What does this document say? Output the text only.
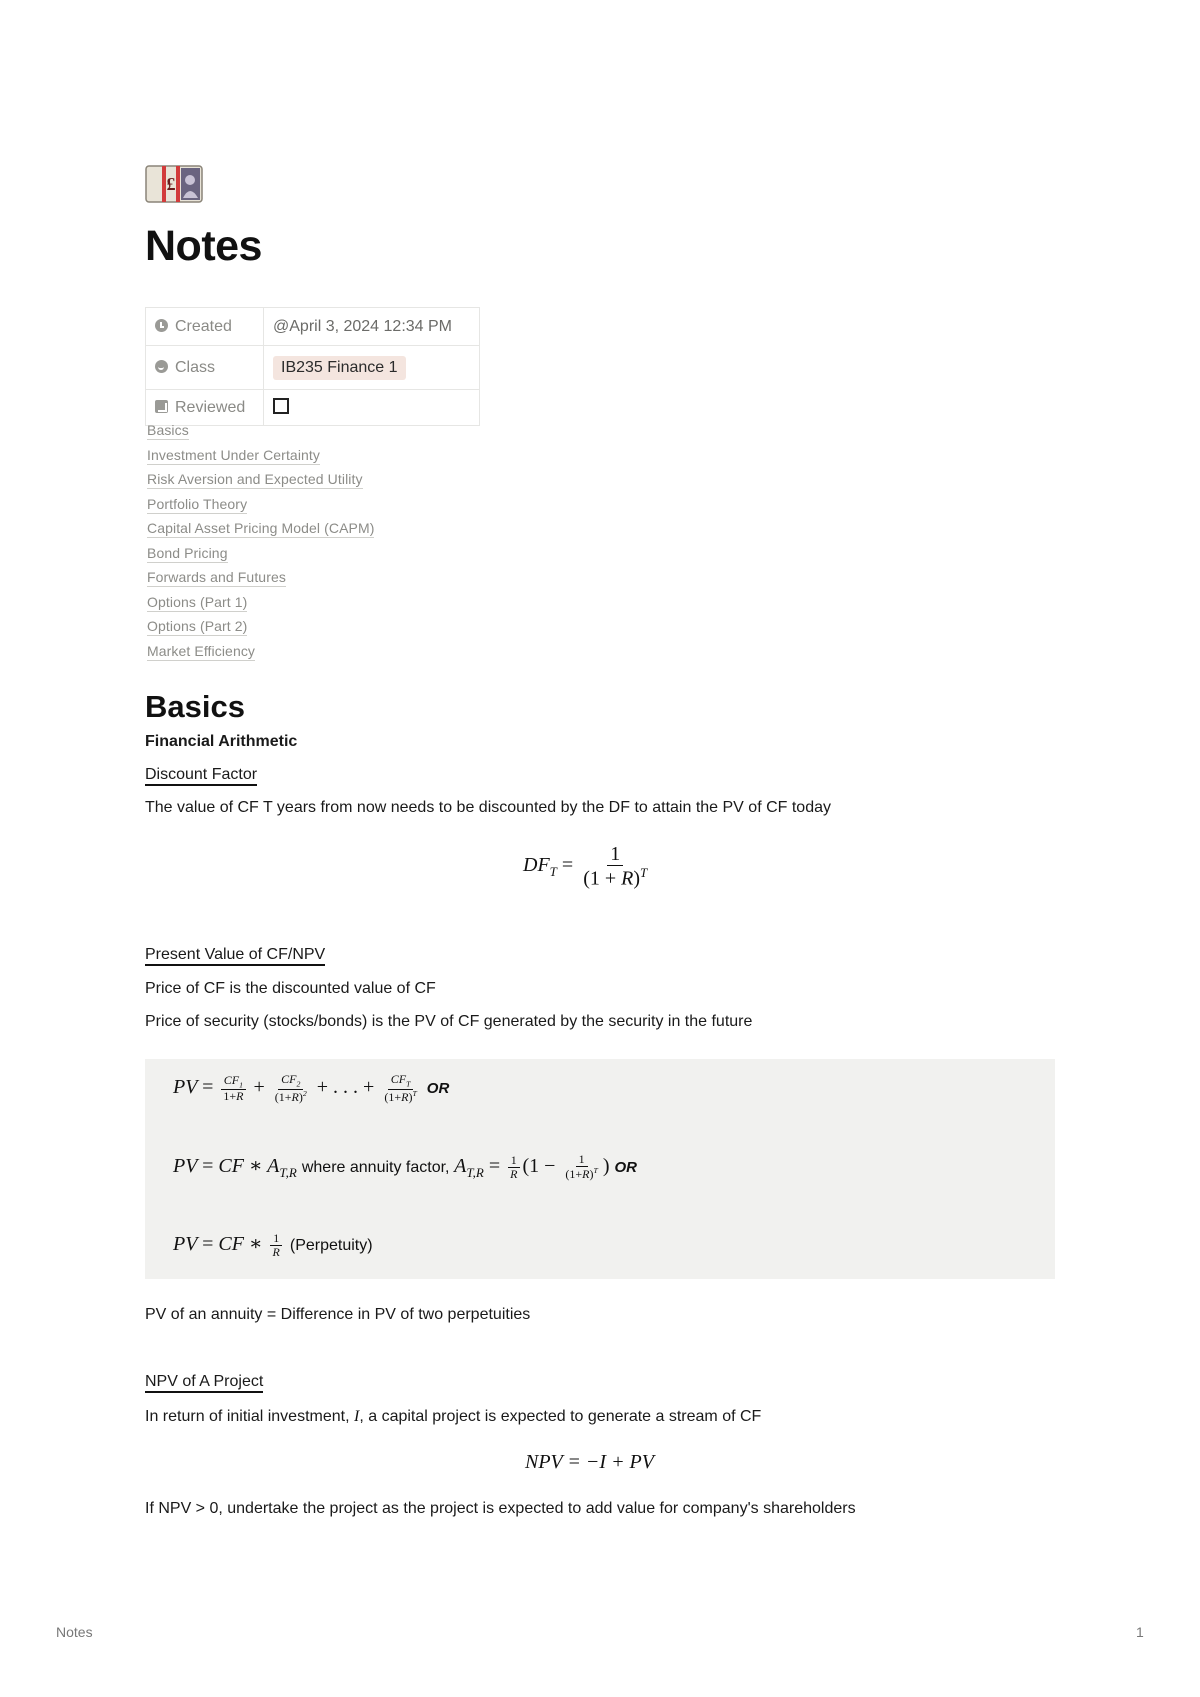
£
Notes
Created	@April 3, 2024 12:34 PM
Class	IB235 Finance 1
Reviewed	
Basics
Investment Under Certainty
Risk Aversion and Expected Utility
Portfolio Theory
Capital Asset Pricing Model (CAPM)
Bond Pricing
Forwards and Futures
Options (Part 1)
Options (Part 2)
Market Efficiency
Basics
Financial Arithmetic
Discount Factor
The value of CF T years from now needs to be discounted by the DF to attain the PV of CF today
$DF_T = \frac{1}{(1 + R)^T}$
Present Value of CF/NPV
Price of CF is the discounted value of CF
Price of security (stocks/bonds) is the PV of CF generated by the security in the future
PV = $\frac{CF_1}{1+R} + \frac{CF_2}{(1+R)^2}$ + . . . + $\frac{CF_T}{(1+R)^T}$ OR
PV = CF ∗ $A_{T,R}$ where annuity factor, $A_{T,R} = \frac{1}{R} (1 - \frac{1}{(1+R)^T}$ ) OR
PV = CF ∗ $\frac{1}{R}$ (Perpetuity)
PV of an annuity = Difference in PV of two perpetuities
NPV of A Project
In return of initial investment, I, a capital project is expected to generate a stream of CF
NPV = −I + PV
If NPV > 0, undertake the project as the project is expected to add value for company's shareholders
Notes	1
